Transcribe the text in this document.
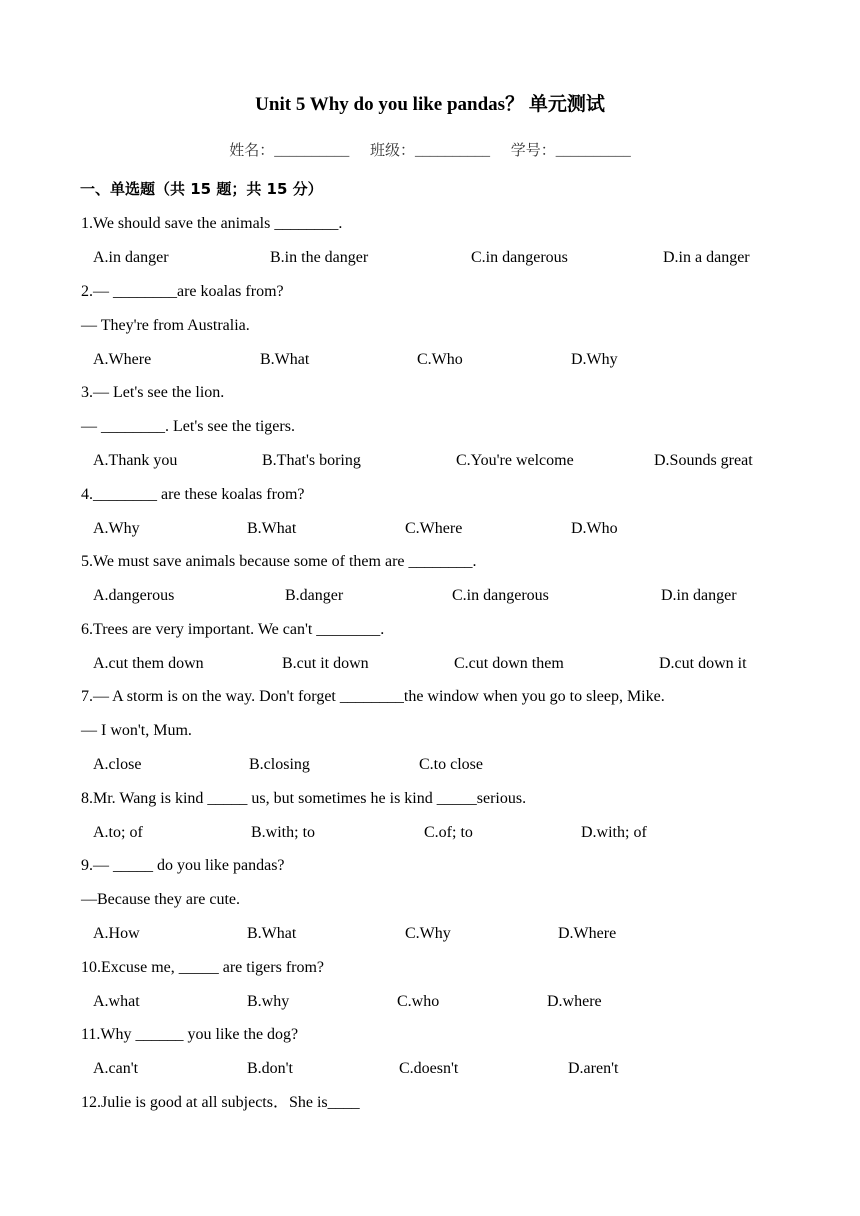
Unit 5 Why do you like pandas？ 单元测试
姓名：__________ 班级：__________ 学号：__________
一、单选题（共 15 题；共 15 分）
1.We should save the animals ________.
A.in danger	B.in the danger	C.in dangerous	D.in a danger
2.— ________are koalas from?
— They're from Australia.
A.Where	B.What	C.Who	D.Why
3.— Let's see the lion.
— ________. Let's see the tigers.
A.Thank you	B.That's boring	C.You're welcome	D.Sounds great
4.________ are these koalas from?
A.Why	B.What	C.Where	D.Who
5.We must save animals because some of them are ________.
A.dangerous	B.danger	C.in dangerous	D.in danger
6.Trees are very important. We can't ________.
A.cut them down	B.cut it down	C.cut down them	D.cut down it
7.— A storm is on the way. Don't forget ________the window when you go to sleep, Mike.
— I won't, Mum.
A.close	B.closing	C.to close
8.Mr. Wang is kind _____ us, but sometimes he is kind _____serious.
A.to; of	B.with; to	C.of; to	D.with; of
9.— _____ do you like pandas?
—Because they are cute.
A.How	B.What	C.Why	D.Where
10.Excuse me, _____ are tigers from?
A.what	B.why	C.who	D.where
11.Why ______ you like the dog?
A.can't	B.don't	C.doesn't	D.aren't
12.Julie is good at all subjects．She is____
